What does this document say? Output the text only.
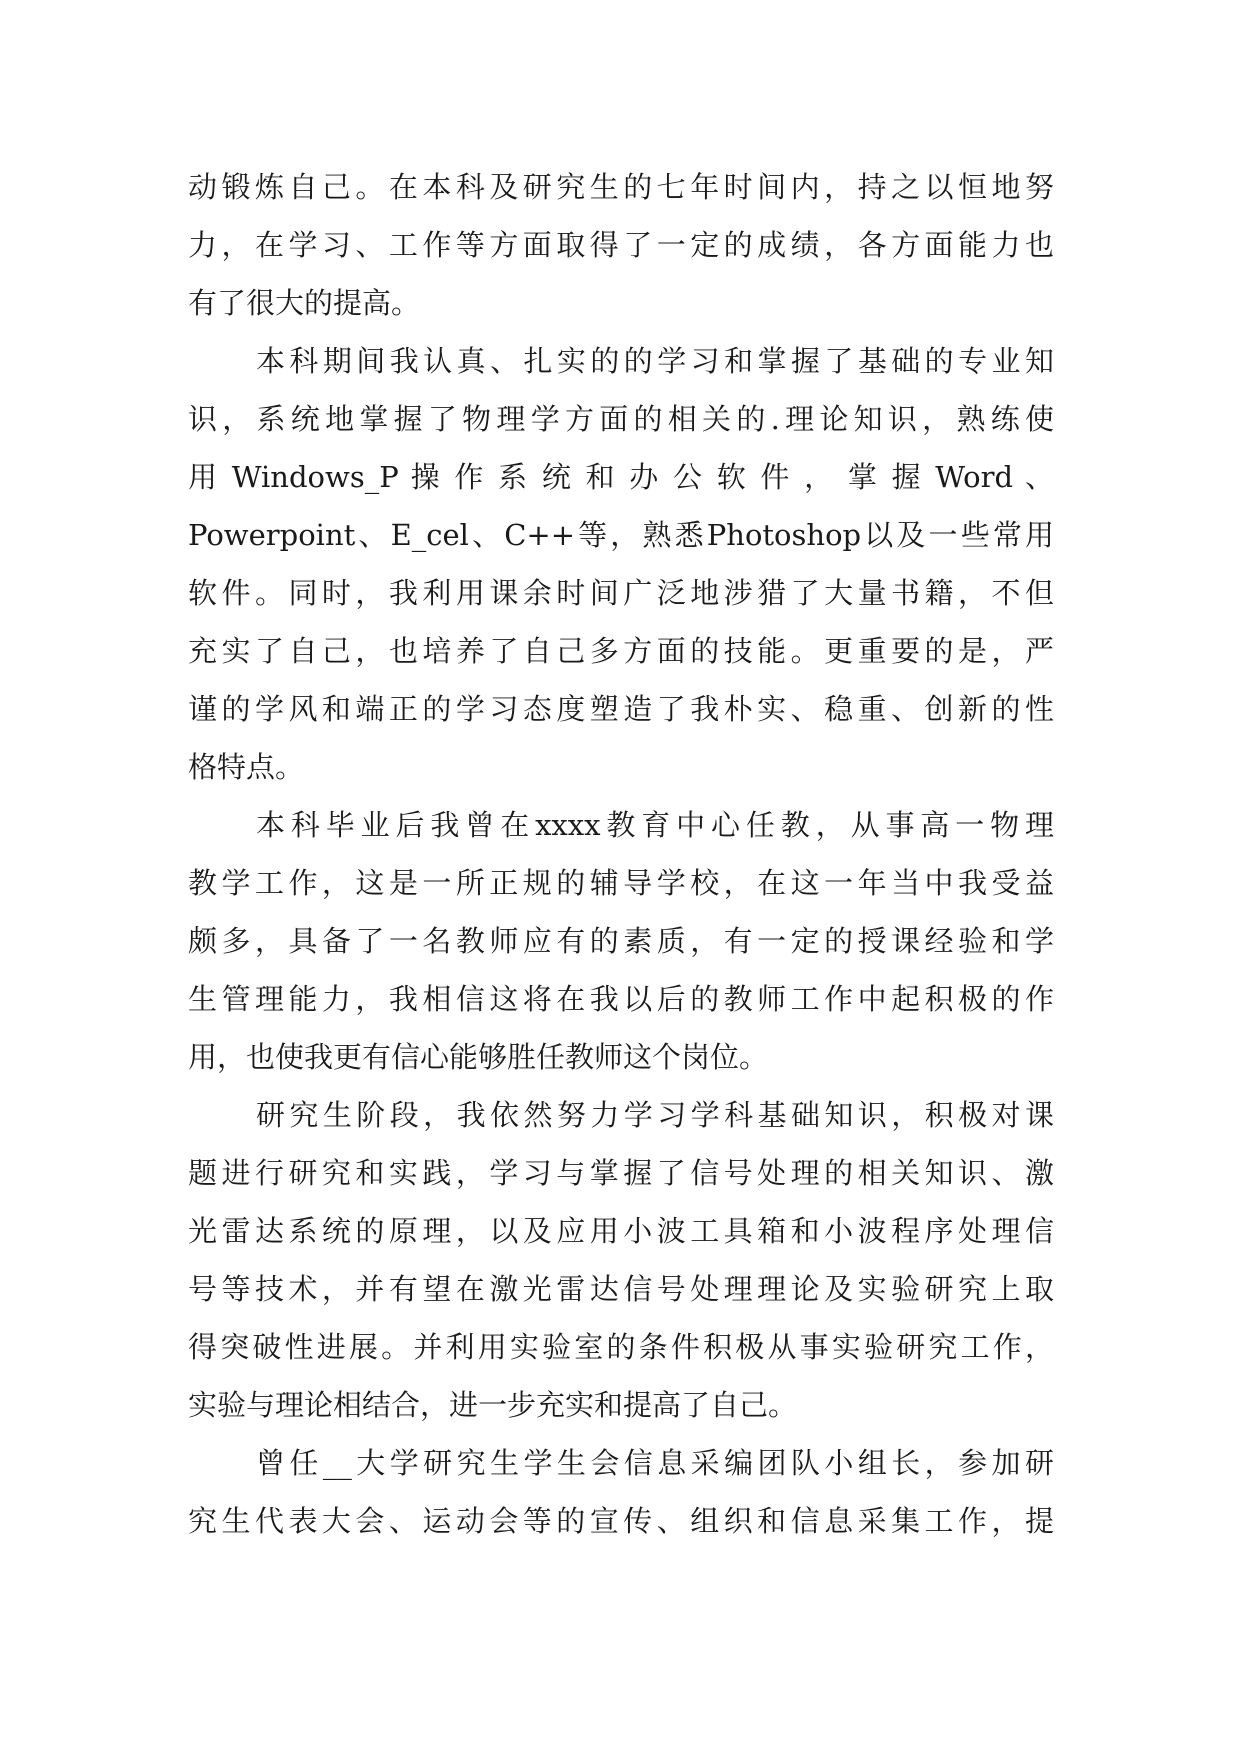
动锻炼自己。在本科及研究生的七年时间内，持之以恒地努
力，在学习、工作等方面取得了一定的成绩，各方面能力也
有了很大的提高。
本科期间我认真、扎实的的学习和掌握了基础的专业知
识，系统地掌握了物理学方面的相关的.理论知识，熟练使
用 Windows_P 操 作 系 统 和 办 公 软 件 ， 掌 握 Word 、
Powerpoint、E_cel、C++等，熟悉Photoshop以及一些常用
软件。同时，我利用课余时间广泛地涉猎了大量书籍，不但
充实了自己，也培养了自己多方面的技能。更重要的是，严
谨的学风和端正的学习态度塑造了我朴实、稳重、创新的性
格特点。
本科毕业后我曾在xxxx教育中心任教，从事高一物理
教学工作，这是一所正规的辅导学校，在这一年当中我受益
颇多，具备了一名教师应有的素质，有一定的授课经验和学
生管理能力，我相信这将在我以后的教师工作中起积极的作
用，也使我更有信心能够胜任教师这个岗位。
研究生阶段，我依然努力学习学科基础知识，积极对课
题进行研究和实践，学习与掌握了信号处理的相关知识、激
光雷达系统的原理，以及应用小波工具箱和小波程序处理信
号等技术，并有望在激光雷达信号处理理论及实验研究上取
得突破性进展。并利用实验室的条件积极从事实验研究工作，
实验与理论相结合，进一步充实和提高了自己。
曾任__大学研究生学生会信息采编团队小组长，参加研
究生代表大会、运动会等的宣传、组织和信息采集工作，提
